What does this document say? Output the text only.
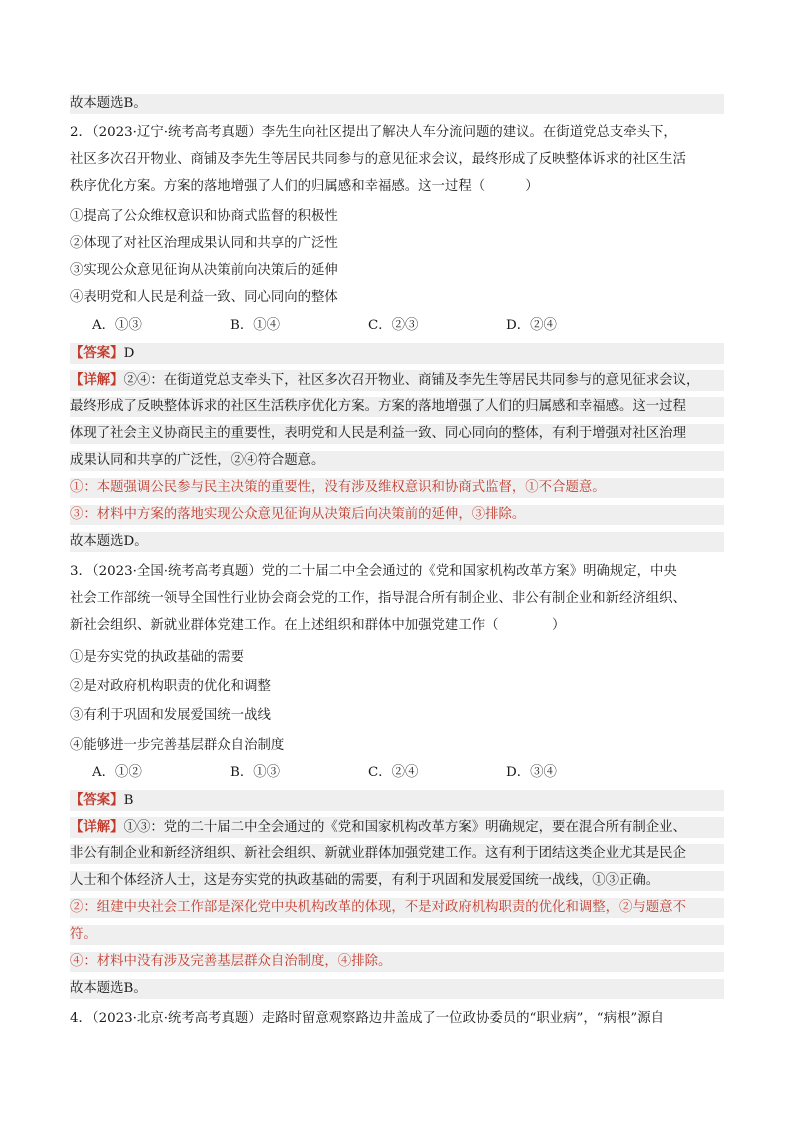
故本题选B。
2．（2023·辽宁·统考高考真题）李先生向社区提出了解决人车分流问题的建议。在街道党总支牵头下，
社区多次召开物业、商铺及李先生等居民共同参与的意见征求会议，最终形成了反映整体诉求的社区生活
秩序优化方案。方案的落地增强了人们的归属感和幸福感。这一过程（　　　）
①提高了公众维权意识和协商式监督的积极性
②体现了对社区治理成果认同和共享的广泛性
③实现公众意见征询从决策前向决策后的延伸
④表明党和人民是利益一致、同心同向的整体
A．①③	B．①④	C．②③	D．②④
【答案】D
【详解】②④：在街道党总支牵头下，社区多次召开物业、商铺及李先生等居民共同参与的意见征求会议，
最终形成了反映整体诉求的社区生活秩序优化方案。方案的落地增强了人们的归属感和幸福感。这一过程
体现了社会主义协商民主的重要性，表明党和人民是利益一致、同心同向的整体，有利于增强对社区治理
成果认同和共享的广泛性，②④符合题意。
①：本题强调公民参与民主决策的重要性，没有涉及维权意识和协商式监督，①不合题意。
③：材料中方案的落地实现公众意见征询从决策后向决策前的延伸，③排除。
故本题选D。
3．（2023·全国·统考高考真题）党的二十届二中全会通过的《党和国家机构改革方案》明确规定，中央
社会工作部统一领导全国性行业协会商会党的工作，指导混合所有制企业、非公有制企业和新经济组织、
新社会组织、新就业群体党建工作。在上述组织和群体中加强党建工作（　　　　）
①是夯实党的执政基础的需要
②是对政府机构职责的优化和调整
③有利于巩固和发展爱国统一战线
④能够进一步完善基层群众自治制度
A．①②	B．①③	C．②④	D．③④
【答案】B
【详解】①③：党的二十届二中全会通过的《党和国家机构改革方案》明确规定，要在混合所有制企业、
非公有制企业和新经济组织、新社会组织、新就业群体加强党建工作。这有利于团结这类企业尤其是民企
人士和个体经济人士，这是夯实党的执政基础的需要，有利于巩固和发展爱国统一战线，①③正确。
②：组建中央社会工作部是深化党中央机构改革的体现，不是对政府机构职责的优化和调整，②与题意不
符。
④：材料中没有涉及完善基层群众自治制度，④排除。
故本题选B。
4．（2023·北京·统考高考真题）走路时留意观察路边井盖成了一位政协委员的“职业病”，“病根”源自
